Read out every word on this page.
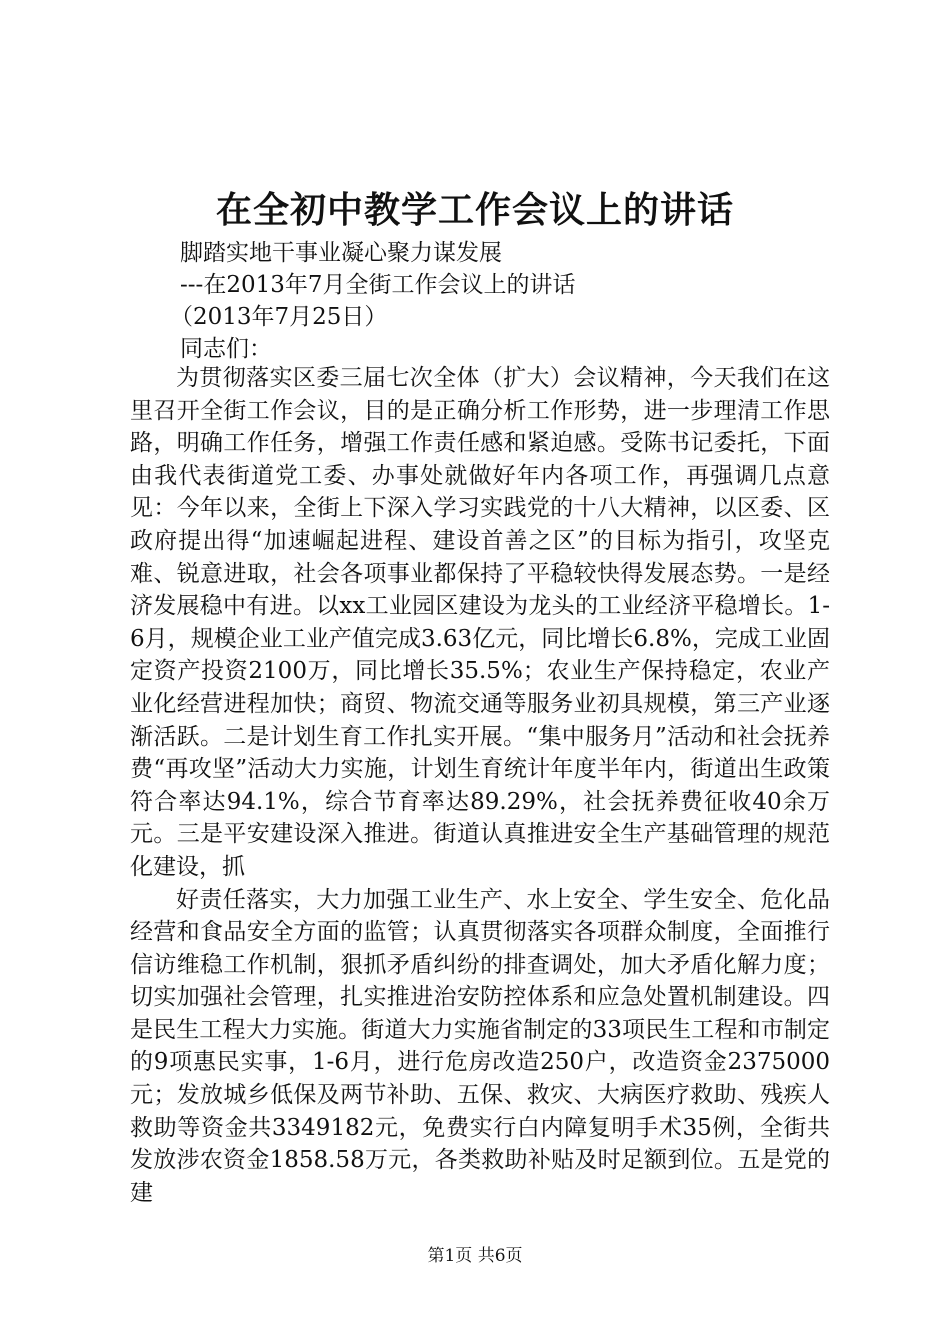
在全初中教学工作会议上的讲话
脚踏实地干事业凝心聚力谋发展
---在2013年7月全街工作会议上的讲话
（2013年7月25日）
同志们：

为贯彻落实区委三届七次全体（扩大）会议精神，今天我们在这里召开全街工作会议，目的是正确分析工作形势，进一步理清工作思路，明确工作任务，增强工作责任感和紧迫感。受陈书记委托，下面由我代表街道党工委、办事处就做好年内各项工作，再强调几点意见：今年以来，全街上下深入学习实践党的十八大精神，以区委、区政府提出得“加速崛起进程、建设首善之区”的目标为指引，攻坚克难、锐意进取，社会各项事业都保持了平稳较快得发展态势。一是经济发展稳中有进。以xx工业园区建设为龙头的工业经济平稳增长。1-6月，规模企业工业产值完成3.63亿元，同比增长6.8%，完成工业固定资产投资2100万，同比增长35.5%；农业生产保持稳定，农业产业化经营进程加快；商贸、物流交通等服务业初具规模，第三产业逐渐活跃。二是计划生育工作扎实开展。“集中服务月”活动和社会抚养费“再攻坚”活动大力实施，计划生育统计年度半年内，街道出生政策符合率达94.1%，综合节育率达89.29%，社会抚养费征收40余万元。三是平安建设深入推进。街道认真推进安全生产基础管理的规范化建设，抓

好责任落实，大力加强工业生产、水上安全、学生安全、危化品经营和食品安全方面的监管；认真贯彻落实各项群众制度，全面推行信访维稳工作机制，狠抓矛盾纠纷的排查调处，加大矛盾化解力度；切实加强社会管理，扎实推进治安防控体系和应急处置机制建设。四是民生工程大力实施。街道大力实施省制定的33项民生工程和市制定的9项惠民实事，1-6月，进行危房改造250户，改造资金2375000元；发放城乡低保及两节补助、五保、救灾、大病医疗救助、残疾人救助等资金共3349182元，免费实行白内障复明手术35例，全街共发放涉农资金1858.58万元，各类救助补贴及时足额到位。五是党的建

第1页 共6页
